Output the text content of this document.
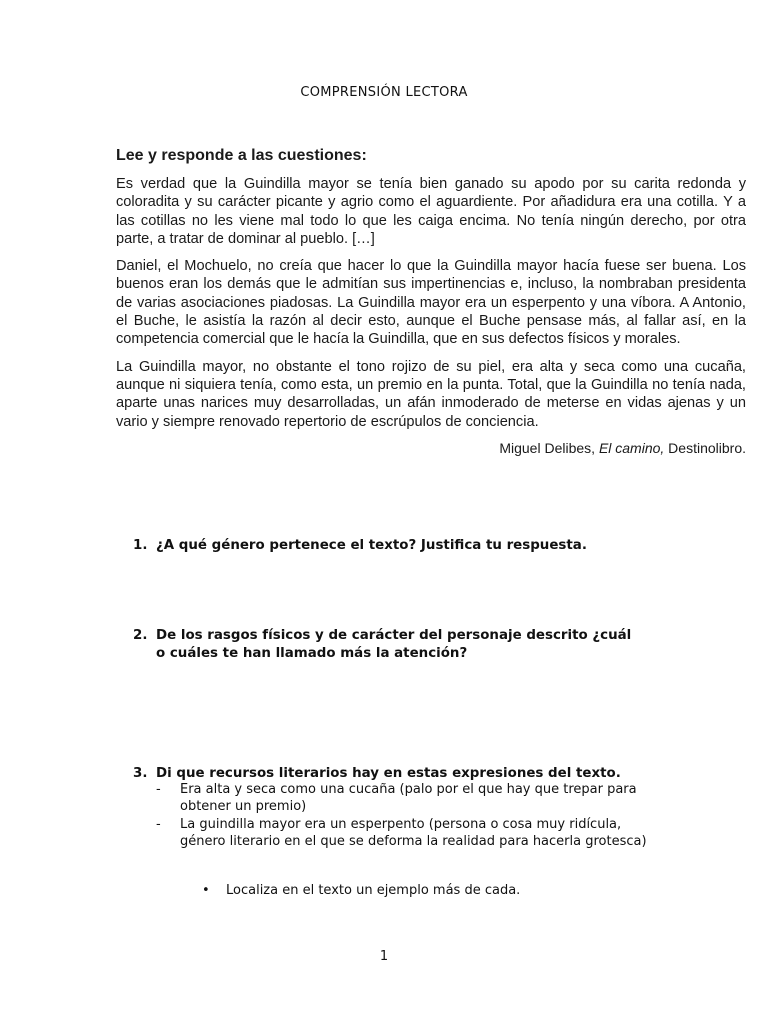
COMPRENSIÓN LECTORA
Lee y responde a las cuestiones:

Es verdad que la Guindilla mayor se tenía bien ganado su apodo por su carita redonda y coloradita y su carácter picante y agrio como el aguardiente. Por añadidura era una cotilla. Y a las cotillas no les viene mal todo lo que les caiga encima. No tenía ningún derecho, por otra parte, a tratar de dominar al pueblo. […]

Daniel, el Mochuelo, no creía que hacer lo que la Guindilla mayor hacía fuese ser buena. Los buenos eran los demás que le admitían sus impertinencias e, incluso, la nombraban presidenta de varias asociaciones piadosas. La Guindilla mayor era un esperpento y una víbora. A Antonio, el Buche, le asistía la razón al decir esto, aunque el Buche pensase más, al fallar así, en la competencia comercial que le hacía la Guindilla, que en sus defectos físicos y morales.

La Guindilla mayor, no obstante el tono rojizo de su piel, era alta y seca como una cucaña, aunque ni siquiera tenía, como esta, un premio en la punta. Total, que la Guindilla no tenía nada, aparte unas narices muy desarrolladas, un afán inmoderado de meterse en vidas ajenas y un vario y siempre renovado repertorio de escrúpulos de conciencia.

Miguel Delibes, El camino, Destinolibro.
1. ¿A qué género pertenece el texto? Justifica tu respuesta.
2. De los rasgos físicos y de carácter del personaje descrito ¿cuál o cuáles te han llamado más la atención?
3. Di que recursos literarios hay en estas expresiones del texto.
-	Era alta y seca como una cucaña (palo por el que hay que trepar para obtener un premio)
-	La guindilla mayor era un esperpento (persona o cosa muy ridícula, género literario en el que se deforma la realidad para hacerla grotesca)
•	Localiza en el texto un ejemplo más de cada.
1
